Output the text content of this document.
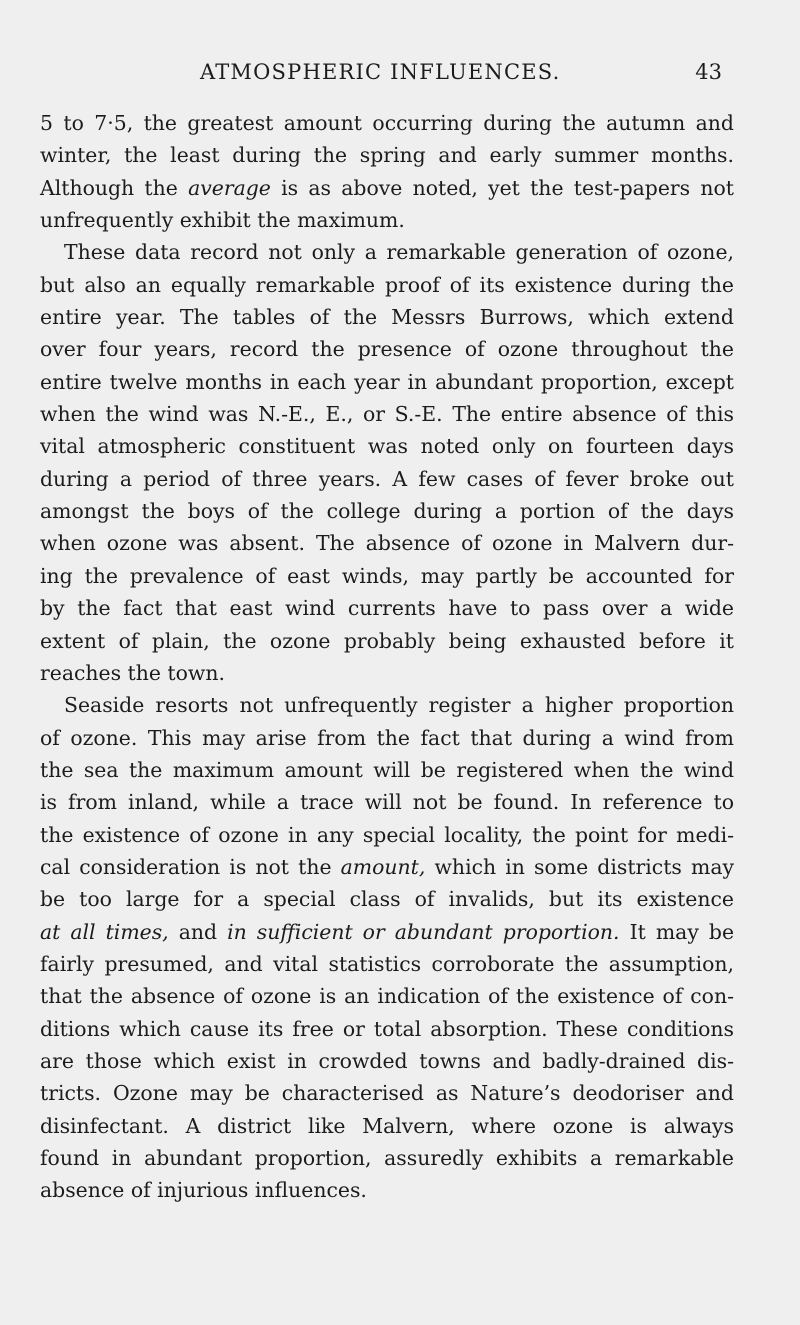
ATMOSPHERIC INFLUENCES.	43
5 to 7·5, the greatest amount occurring during the autumn and
winter, the least during the spring and early summer months.
Although the average is as above noted, yet the test-papers not
unfrequently exhibit the maximum.
These data record not only a remarkable generation of ozone,
but also an equally remarkable proof of its existence during the
entire year. The tables of the Messrs Burrows, which extend
over four years, record the presence of ozone throughout the
entire twelve months in each year in abundant proportion, except
when the wind was N.-E., E., or S.-E. The entire absence of this
vital atmospheric constituent was noted only on fourteen days
during a period of three years. A few cases of fever broke out
amongst the boys of the college during a portion of the days
when ozone was absent. The absence of ozone in Malvern dur-
ing the prevalence of east winds, may partly be accounted for
by the fact that east wind currents have to pass over a wide
extent of plain, the ozone probably being exhausted before it
reaches the town.
Seaside resorts not unfrequently register a higher proportion
of ozone. This may arise from the fact that during a wind from
the sea the maximum amount will be registered when the wind
is from inland, while a trace will not be found. In reference to
the existence of ozone in any special locality, the point for medi-
cal consideration is not the amount, which in some districts may
be too large for a special class of invalids, but its existence
at all times, and in sufficient or abundant proportion. It may be
fairly presumed, and vital statistics corroborate the assumption,
that the absence of ozone is an indication of the existence of con-
ditions which cause its free or total absorption. These conditions
are those which exist in crowded towns and badly-drained dis-
tricts. Ozone may be characterised as Nature’s deodoriser and
disinfectant. A district like Malvern, where ozone is always
found in abundant proportion, assuredly exhibits a remarkable
absence of injurious influences.
